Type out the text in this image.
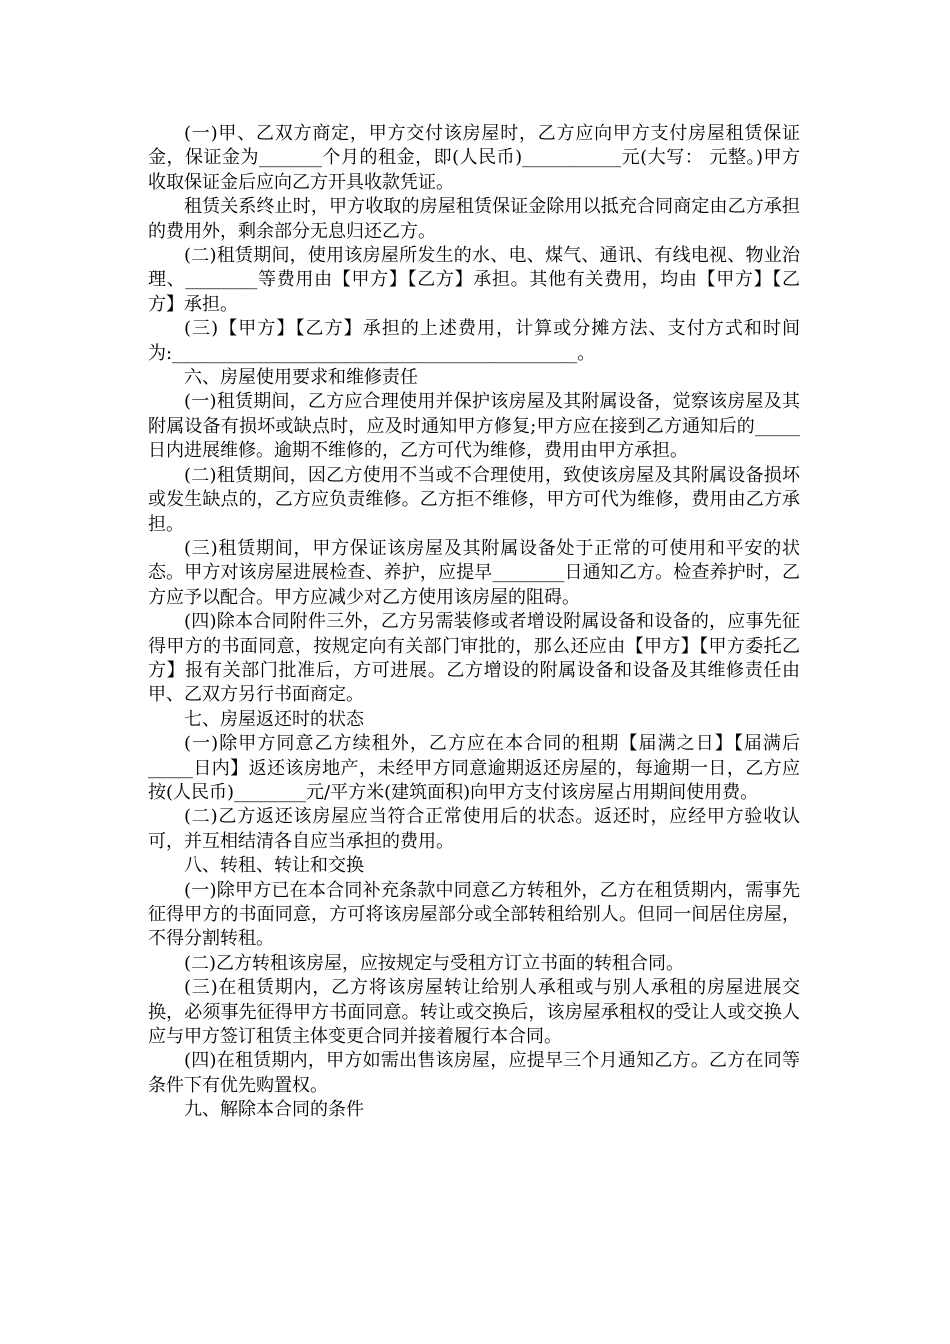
(一)甲、乙双方商定，甲方交付该房屋时，乙方应向甲方支付房屋租赁保证金，保证金为_______个月的租金，即(人民币)___________元(大写： 元整。)甲方收取保证金后应向乙方开具收款凭证。

租赁关系终止时，甲方收取的房屋租赁保证金除用以抵充合同商定由乙方承担的费用外，剩余部分无息归还乙方。

(二)租赁期间，使用该房屋所发生的水、电、煤气、通讯、有线电视、物业治理、________等费用由【甲方】【乙方】承担。其他有关费用，均由【甲方】【乙方】承担。

(三)【甲方】【乙方】承担的上述费用，计算或分摊方法、支付方式和时间为:_____________________________________________。

六、房屋使用要求和维修责任

(一)租赁期间，乙方应合理使用并保护该房屋及其附属设备，觉察该房屋及其附属设备有损坏或缺点时，应及时通知甲方修复;甲方应在接到乙方通知后的_____日内进展维修。逾期不维修的，乙方可代为维修，费用由甲方承担。

(二)租赁期间，因乙方使用不当或不合理使用，致使该房屋及其附属设备损坏或发生缺点的，乙方应负责维修。乙方拒不维修，甲方可代为维修，费用由乙方承担。

(三)租赁期间，甲方保证该房屋及其附属设备处于正常的可使用和平安的状态。甲方对该房屋进展检查、养护，应提早________日通知乙方。检查养护时，乙方应予以配合。甲方应减少对乙方使用该房屋的阻碍。

(四)除本合同附件三外，乙方另需装修或者增设附属设备和设备的，应事先征得甲方的书面同意，按规定向有关部门审批的，那么还应由【甲方】【甲方委托乙方】报有关部门批准后，方可进展。乙方增设的附属设备和设备及其维修责任由甲、乙双方另行书面商定。

七、房屋返还时的状态

(一)除甲方同意乙方续租外，乙方应在本合同的租期【届满之日】【届满后_____日内】返还该房地产，未经甲方同意逾期返还房屋的，每逾期一日，乙方应按(人民币)________元/平方米(建筑面积)向甲方支付该房屋占用期间使用费。

(二)乙方返还该房屋应当符合正常使用后的状态。返还时，应经甲方验收认可，并互相结清各自应当承担的费用。

八、转租、转让和交换

(一)除甲方已在本合同补充条款中同意乙方转租外，乙方在租赁期内，需事先征得甲方的书面同意，方可将该房屋部分或全部转租给别人。但同一间居住房屋，不得分割转租。

(二)乙方转租该房屋，应按规定与受租方订立书面的转租合同。

(三)在租赁期内，乙方将该房屋转让给别人承租或与别人承租的房屋进展交换，必须事先征得甲方书面同意。转让或交换后，该房屋承租权的受让人或交换人应与甲方签订租赁主体变更合同并接着履行本合同。

(四)在租赁期内，甲方如需出售该房屋，应提早三个月通知乙方。乙方在同等条件下有优先购置权。

九、解除本合同的条件
